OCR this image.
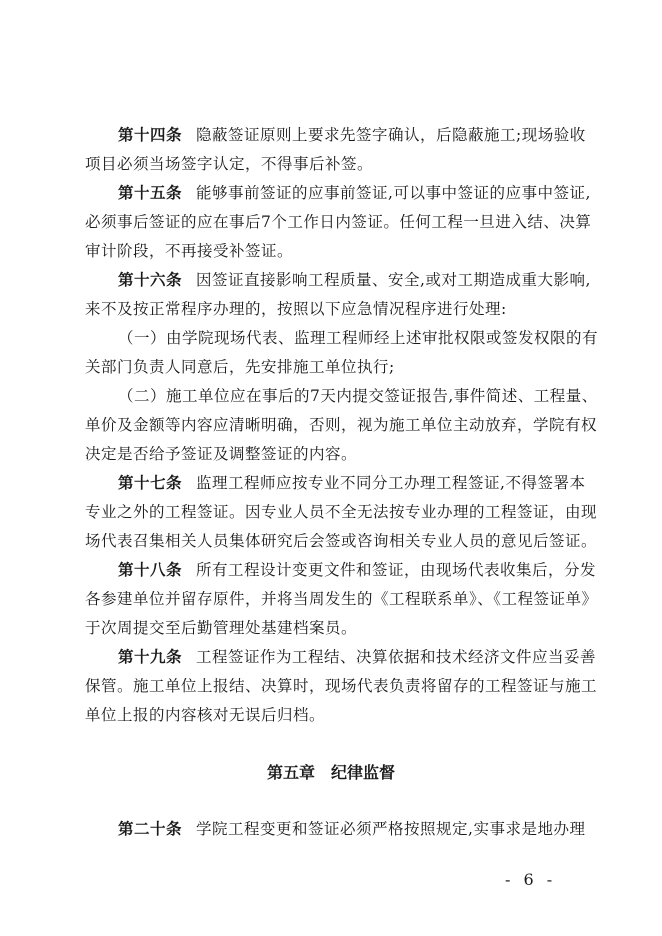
第十四条 隐蔽签证原则上要求先签字确认，后隐蔽施工;现场验收
项目必须当场签字认定，不得事后补签。
第十五条 能够事前签证的应事前签证,可以事中签证的应事中签证,
必须事后签证的应在事后7个工作日内签证。任何工程一旦进入结、决算
审计阶段，不再接受补签证。
第十六条 因签证直接影响工程质量、安全,或对工期造成重大影响,
来不及按正常程序办理的，按照以下应急情况程序进行处理:
（一）由学院现场代表、监理工程师经上述审批权限或签发权限的有
关部门负责人同意后，先安排施工单位执行;
（二）施工单位应在事后的7天内提交签证报告,事件简述、工程量、
单价及金额等内容应清晰明确，否则，视为施工单位主动放弃，学院有权
决定是否给予签证及调整签证的内容。
第十七条 监理工程师应按专业不同分工办理工程签证,不得签署本
专业之外的工程签证。因专业人员不全无法按专业办理的工程签证，由现
场代表召集相关人员集体研究后会签或咨询相关专业人员的意见后签证。
第十八条 所有工程设计变更文件和签证，由现场代表收集后，分发
各参建单位并留存原件，并将当周发生的《工程联系单》、《工程签证单》
于次周提交至后勤管理处基建档案员。
第十九条 工程签证作为工程结、决算依据和技术经济文件应当妥善
保管。施工单位上报结、决算时，现场代表负责将留存的工程签证与施工
单位上报的内容核对无误后归档。
第五章　纪律监督
第二十条 学院工程变更和签证必须严格按照规定,实事求是地办理
- 6 -
